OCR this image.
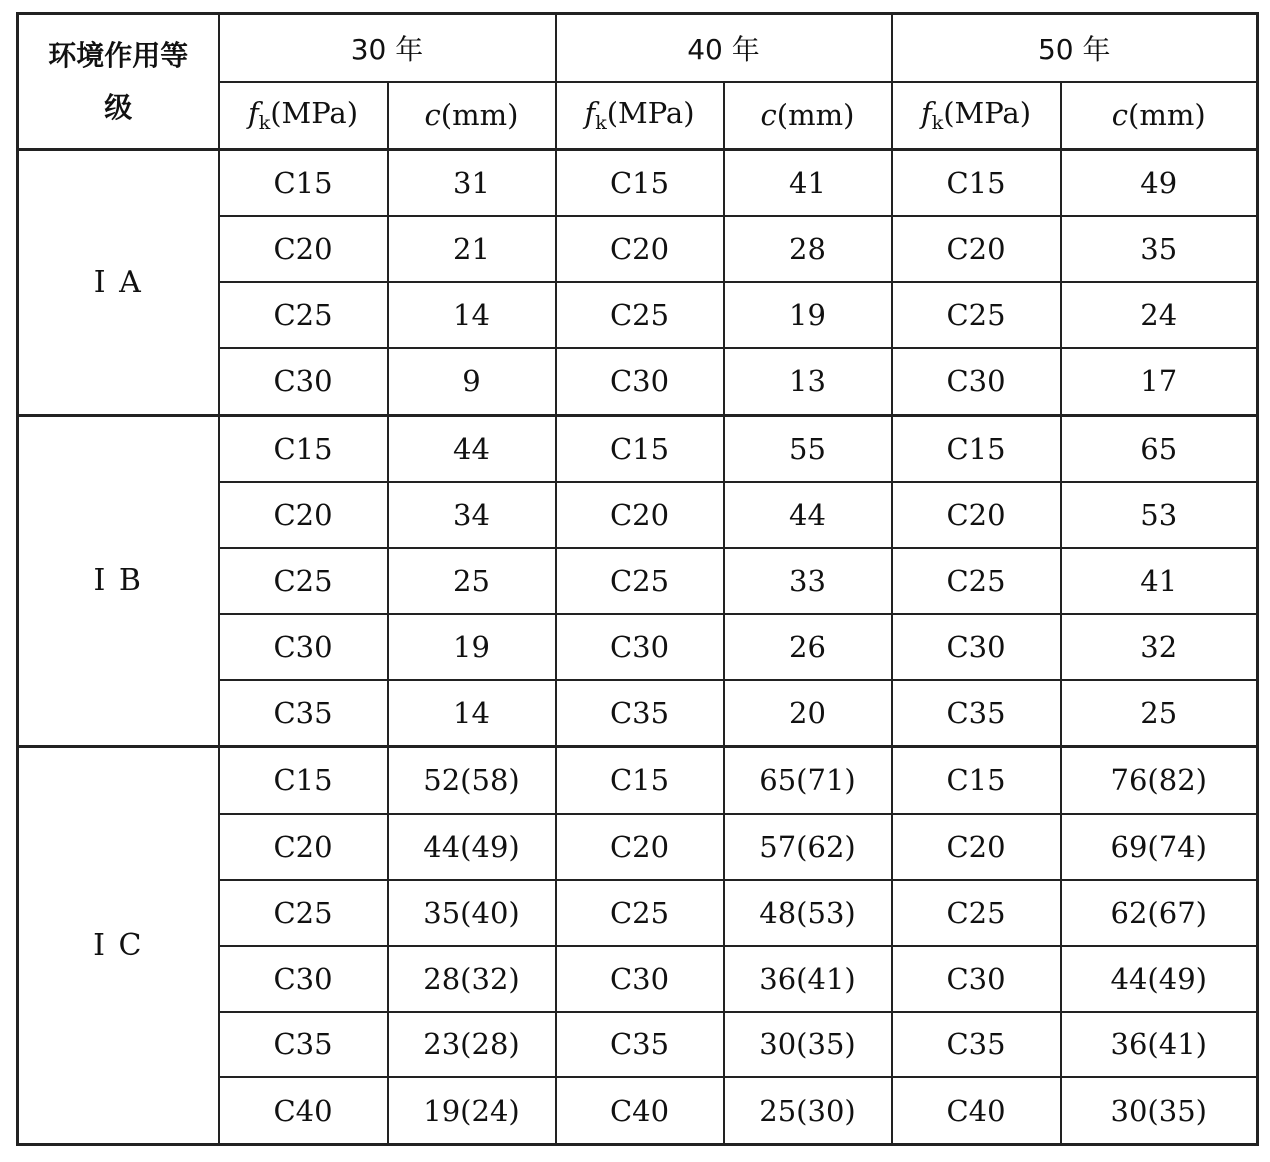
环境作用等级	30 年		40 年		50 年	
	$f_k(MPa)$	c(mm)	$f_k(MPa)$	c(mm)	$f_k(MPa)$	c(mm)
Ⅰ A	C15	31	C15	41	C15	49
	C20	21	C20	28	C20	35
	C25	14	C25	19	C25	24
	C30	9	C30	13	C30	17
Ⅰ B	C15	44	C15	55	C15	65
	C20	34	C20	44	C20	53
	C25	25	C25	33	C25	41
	C30	19	C30	26	C30	32
	C35	14	C35	20	C35	25
Ⅰ C	C15	52(58)	C15	65(71)	C15	76(82)
	C20	44(49)	C20	57(62)	C20	69(74)
	C25	35(40)	C25	48(53)	C25	62(67)
	C30	28(32)	C30	36(41)	C30	44(49)
	C35	23(28)	C35	30(35)	C35	36(41)
	C40	19(24)	C40	25(30)	C40	30(35)
